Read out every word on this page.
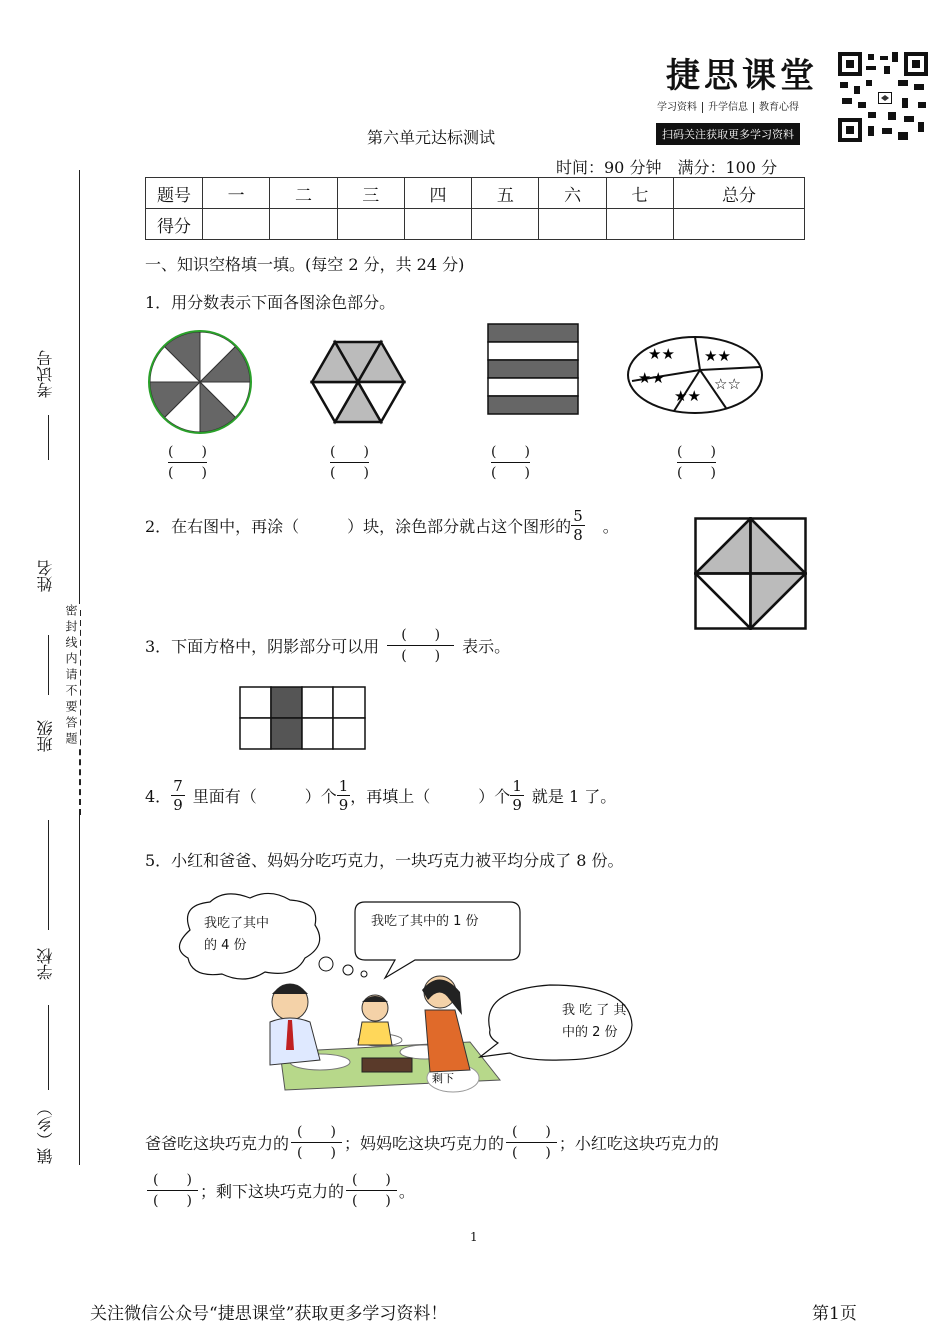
捷思课堂
学习资料 升学信息 教育心得
扫码关注获取更多学习资料
第六单元达标测试
时间：90 分钟　满分：100 分
题号	一	二	三	四	五	六	七	总分
得分								
密封线内请不要答题
考试号
姓名
班级
学校
镇（乡）
一、知识空格填一填。(每空 2 分，共 24 分)
1．用分数表示下面各图涂色部分。
★★ ★★
★★	☆☆
★★
(　　)
(　　)
(　　)
(　　)
(　　)
(　　)
(　　)
(　　)
2．在右图中，再涂（　　　）块，涂色部分就占这个图形的 $\frac{5}{8}$ 。
3．下面方格中，阴影部分可以用 $\frac{( )}{( )}$ 表示。
4． $\frac{7}{9}$ 里面有（　　　）个 $\frac{1}{9}$ ，再填上（　　　）个 $\frac{1}{9}$ 就是 1 了。
5．小红和爸爸、妈妈分吃巧克力，一块巧克力被平均分成了 8 份。
剩下
我吃了其中
的 4 份
我吃了其中的 1 份
我 吃 了 其
中的 2 份
爸爸吃这块巧克力的 $\frac{( )}{( )}$ ；妈妈吃这块巧克力的 $\frac{( )}{( )}$ ；小红吃这块巧克力的
$\frac{( )}{( )}$ ；剩下这块巧克力的 $\frac{( )}{( )}$ 。
1
关注微信公众号“捷思课堂”获取更多学习资料！	第1页
